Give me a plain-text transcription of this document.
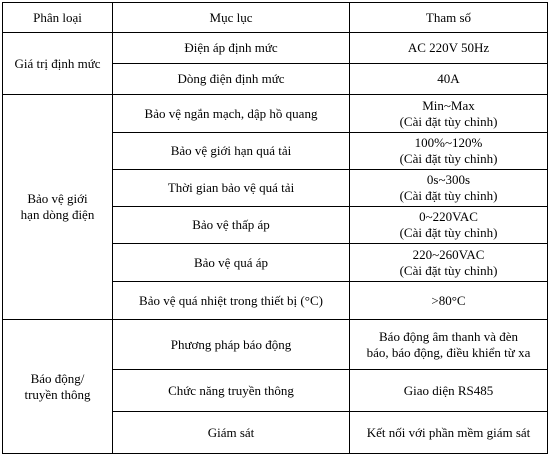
Phân loại	Mục lục	Tham số
Giá trị định mức	Điện áp định mức	AC 220V 50Hz

	Dòng điện định mức	40A

Bảo vệ giới
hạn dòng điện	Bảo vệ ngắn mạch, dập hồ quang	Min~Max
(Cài đặt tùy chỉnh)

	Bảo vệ giới hạn quá tải	100%~120%
(Cài đặt tùy chỉnh)

	Thời gian bảo vệ quá tải	0s~300s
(Cài đặt tùy chỉnh)

	Bảo vệ thấp áp	0~220VAC
(Cài đặt tùy chỉnh)

	Bảo vệ quá áp	220~260VAC
(Cài đặt tùy chỉnh)

	Bảo vệ quá nhiệt trong thiết bị (°C)	>80°C

Báo động/
truyền thông	Phương pháp báo động	Báo động âm thanh và đèn
báo, báo động, điều khiển từ xa

	Chức năng truyền thông	Giao diện RS485

	Giám sát	Kết nối với phần mềm giám sát
